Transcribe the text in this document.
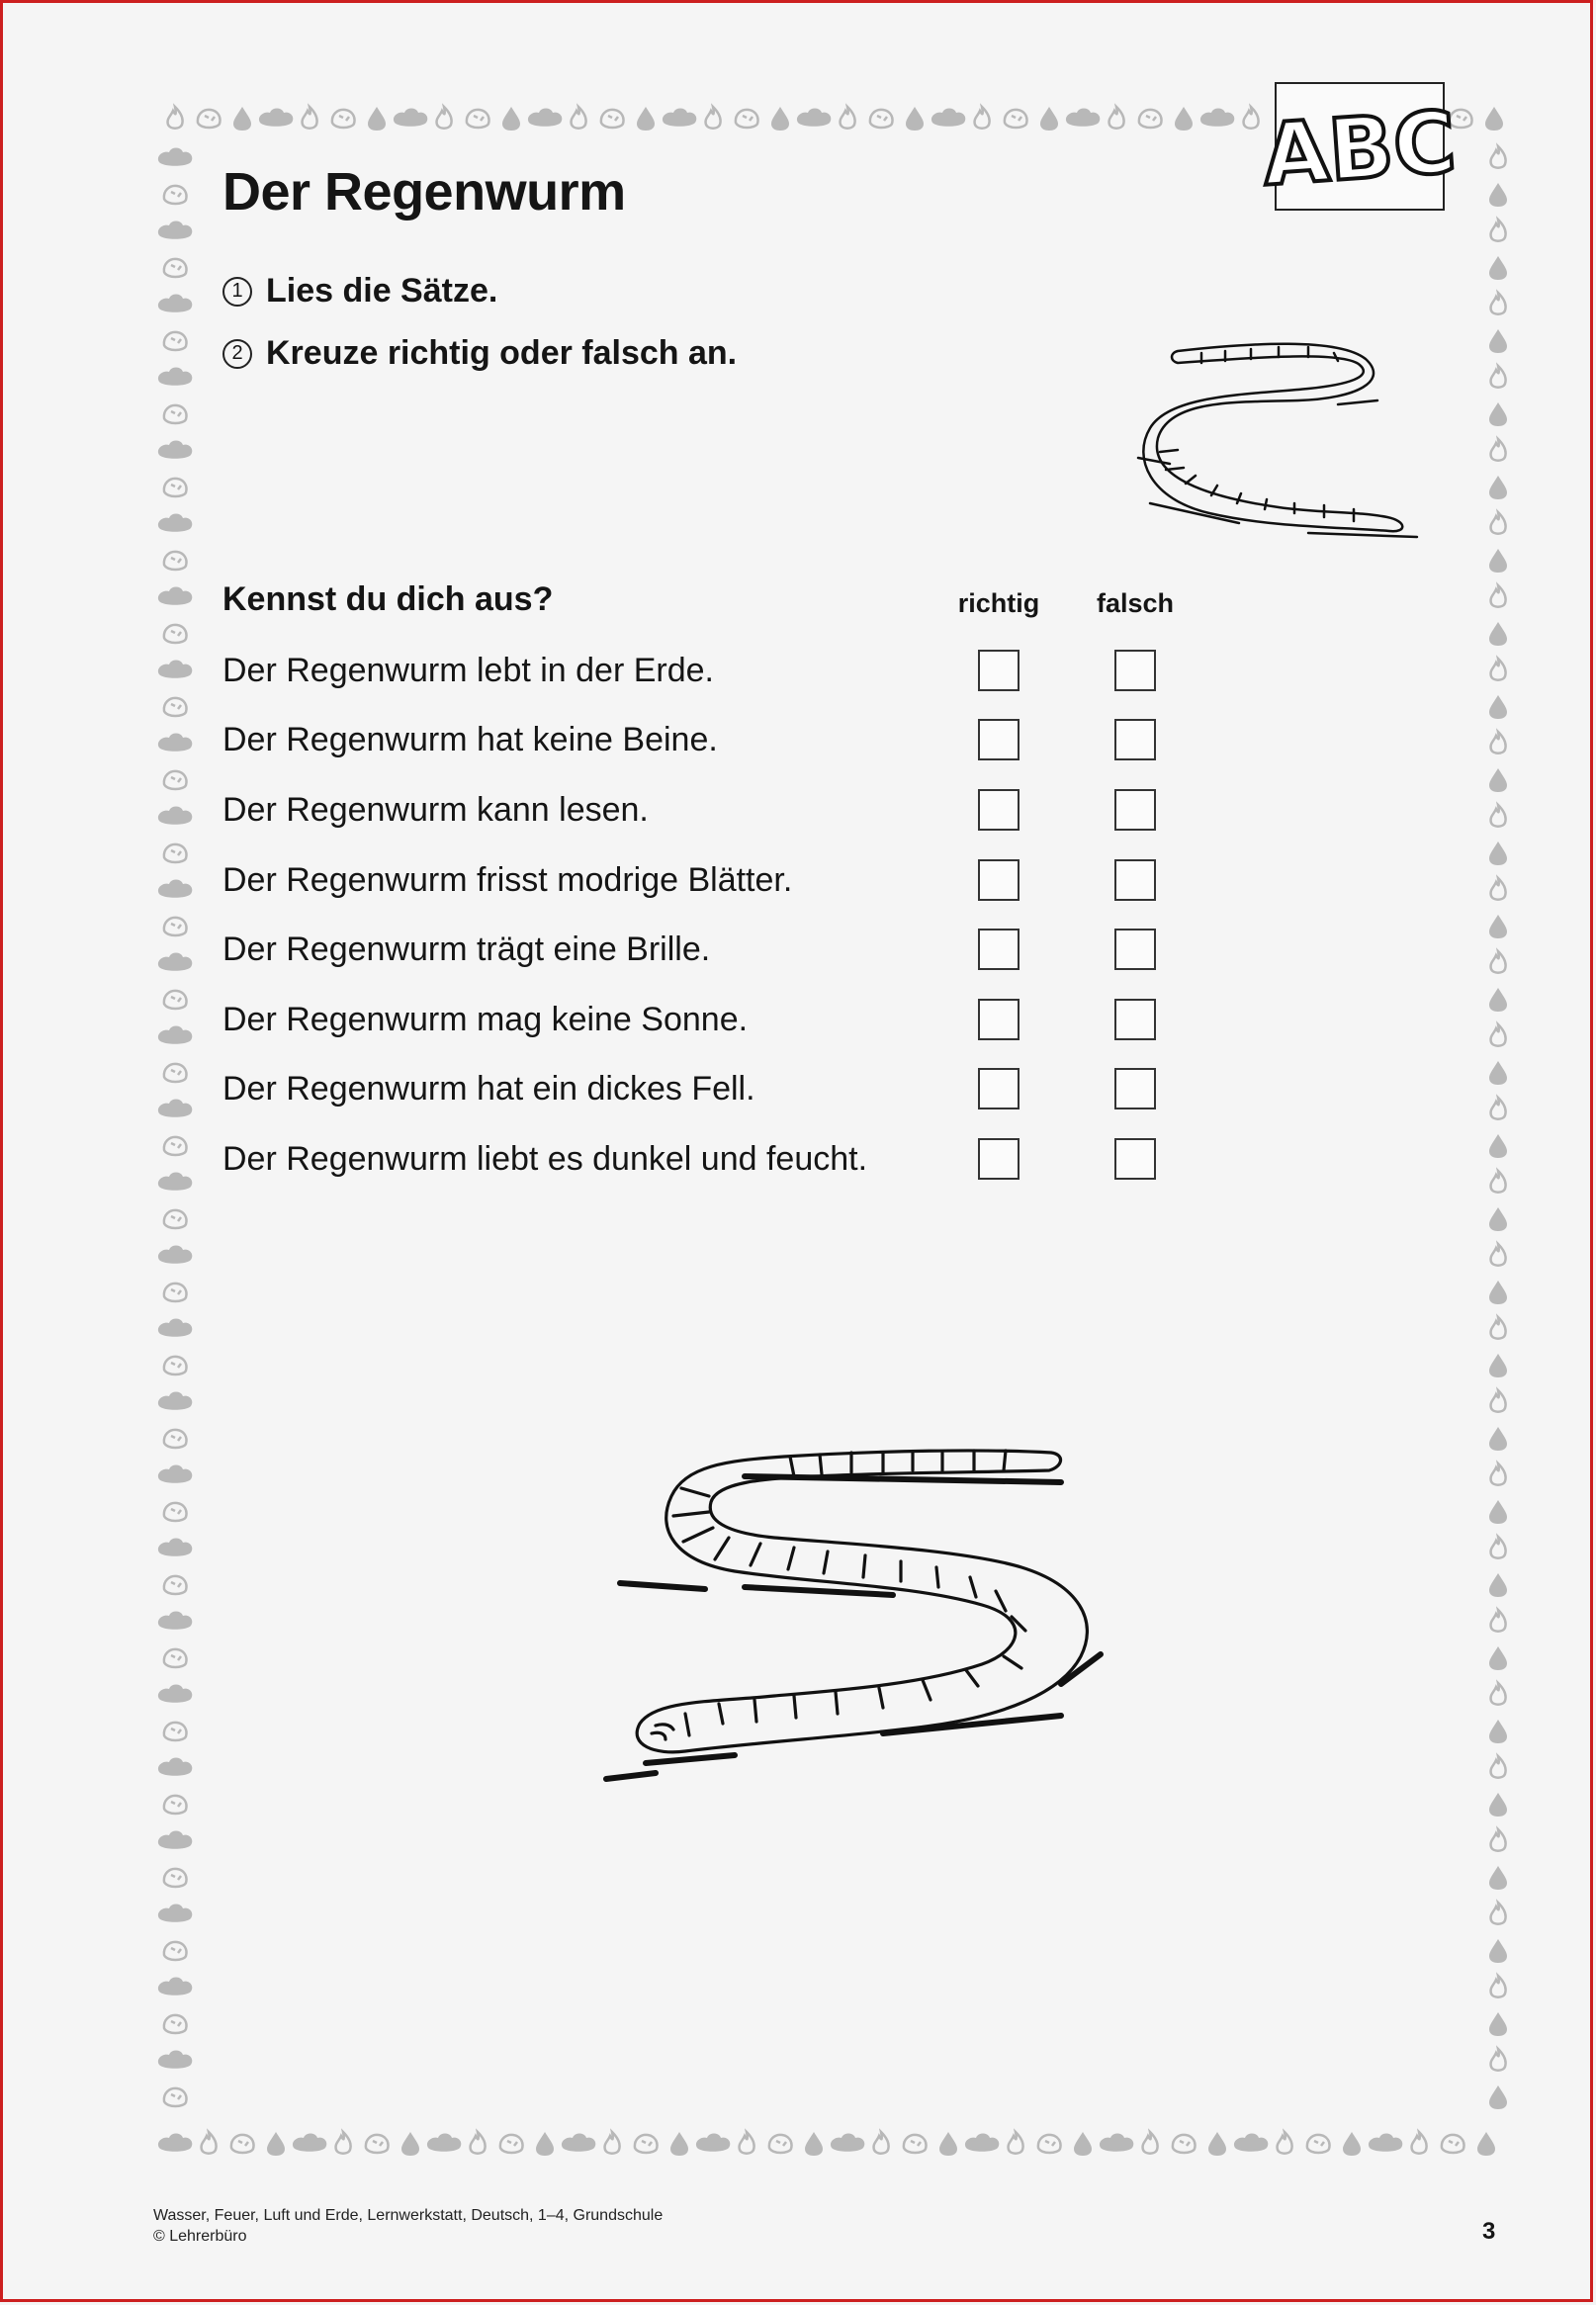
ABC
Der Regenwurm
1 Lies die Sätze.
2 Kreuze richtig oder falsch an.
Kennst du dich aus?	richtig	falsch
Der Regenwurm lebt in der Erde.
Der Regenwurm hat keine Beine.
Der Regenwurm kann lesen.
Der Regenwurm frisst modrige Blätter.
Der Regenwurm trägt eine Brille.
Der Regenwurm mag keine Sonne.
Der Regenwurm hat ein dickes Fell.
Der Regenwurm liebt es dunkel und feucht.
Wasser, Feuer, Luft und Erde, Lernwerkstatt, Deutsch, 1–4, Grundschule
© Lehrerbüro	3
